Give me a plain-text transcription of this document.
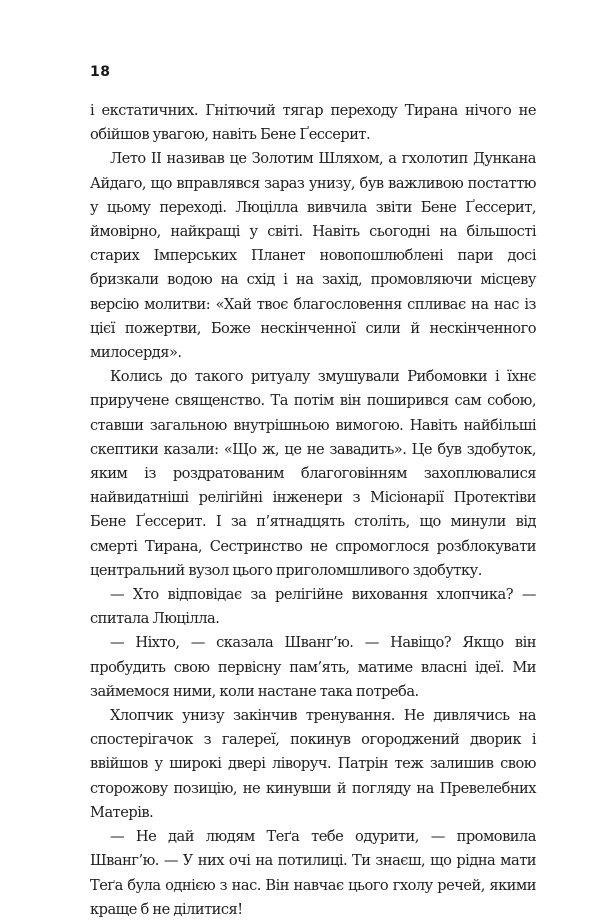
18

і екстатичних. Гнітючий тягар переходу Тирана нічого не обійшов увагою, навіть Бене Ґессерит.

Лето II називав це Золотим Шляхом, а гхолотип Дункана Айдаго, що вправлявся зараз унизу, був важливою постаттю у цьому переході. Люцілла вивчила звіти Бене Ґессерит, ймовірно, найкращі у світі. Навіть сьогодні на більшості старих Імперських Планет новопошлюблені пари досі бризкали водою на схід і на захід, промовляючи місцеву версію молитви: «Хай твоє благословення спливає на нас із цієї пожертви, Боже нескінченної сили й нескінченного милосердя».

Колись до такого ритуалу змушували Рибомовки і їхнє приручене священство. Та потім він поширився сам собою, ставши загальною внутрішньою вимогою. Навіть найбільші скептики казали: «Що ж, це не завадить». Це був здобуток, яким із роздратованим благоговінням захоплювалися найвидатніші релігійні інженери з Місіонарії Протектіви Бене Ґессерит. І за п’ятнадцять століть, що минули від смерті Тирана, Сестринство не спромоглося розблокувати центральний вузол цього приголомшливого здобутку.

— Хто відповідає за релігійне виховання хлопчика? — спитала Люцілла.

— Ніхто, — сказала Шванг’ю. — Навіщо? Якщо він пробудить свою первісну пам’ять, матиме власні ідеї. Ми займемося ними, коли настане така потреба.

Хлопчик унизу закінчив тренування. Не дивлячись на спостерігачок з галереї, покинув огороджений дворик і ввійшов у широкі двері ліворуч. Патрін теж залишив свою сторожову позицію, не кинувши й погляду на Превелебних Матерів.

— Не дай людям Теґа тебе одурити, — промовила Шванг’ю. — У них очі на потилиці. Ти знаєш, що рідна мати Теґа була однією з нас. Він навчає цього гхолу речей, якими краще б не ділитися!
